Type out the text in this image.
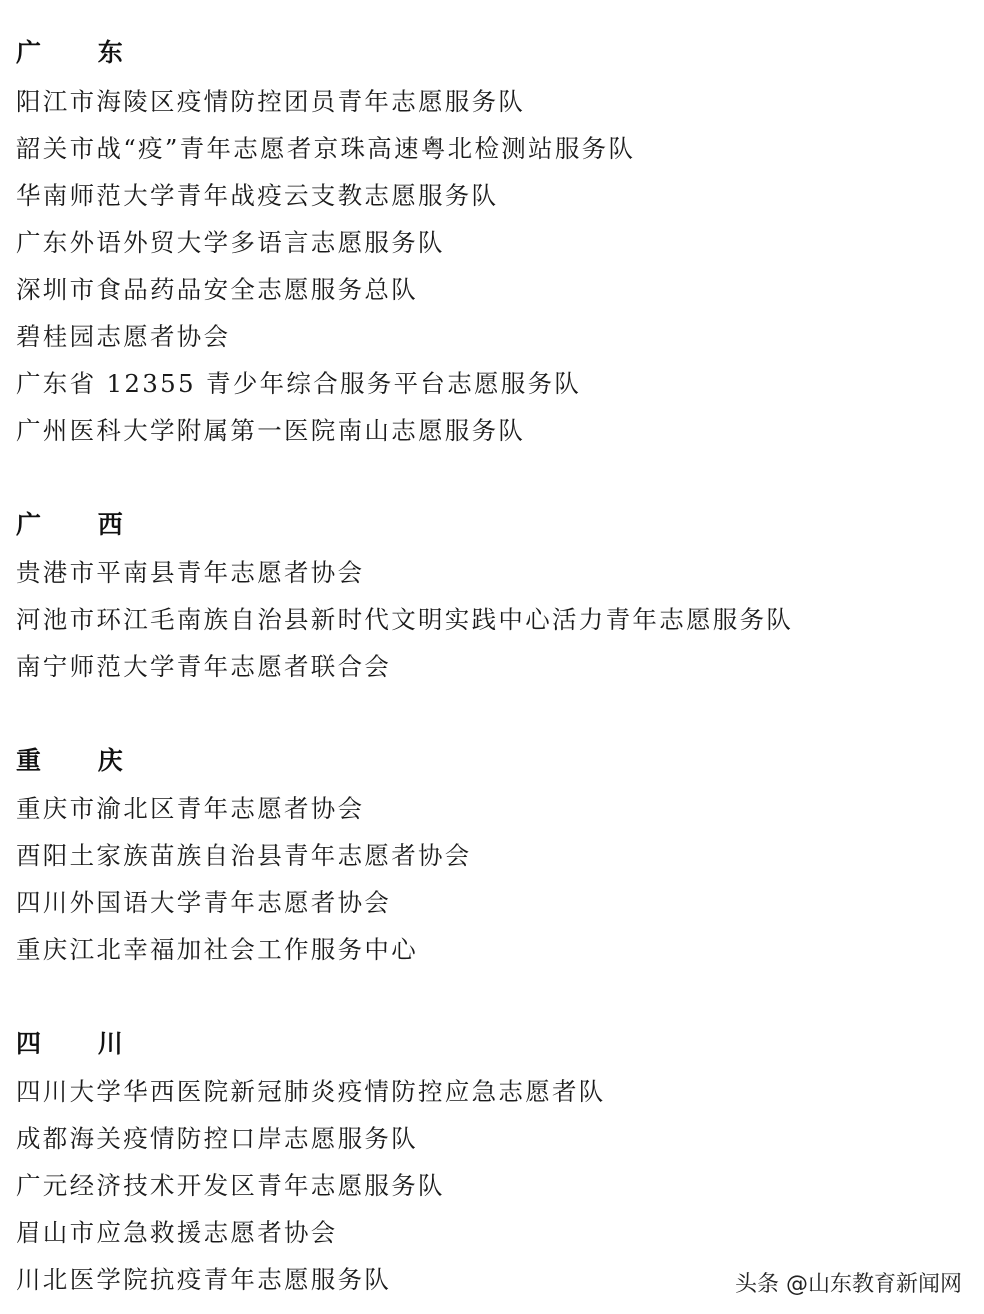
广 东
阳江市海陵区疫情防控团员青年志愿服务队
韶关市战“疫”青年志愿者京珠高速粤北检测站服务队
华南师范大学青年战疫云支教志愿服务队
广东外语外贸大学多语言志愿服务队
深圳市食品药品安全志愿服务总队
碧桂园志愿者协会
广东省 12355 青少年综合服务平台志愿服务队
广州医科大学附属第一医院南山志愿服务队
广 西
贵港市平南县青年志愿者协会
河池市环江毛南族自治县新时代文明实践中心活力青年志愿服务队
南宁师范大学青年志愿者联合会
重 庆
重庆市渝北区青年志愿者协会
酉阳土家族苗族自治县青年志愿者协会
四川外国语大学青年志愿者协会
重庆江北幸福加社会工作服务中心
四 川
四川大学华西医院新冠肺炎疫情防控应急志愿者队
成都海关疫情防控口岸志愿服务队
广元经济技术开发区青年志愿服务队
眉山市应急救援志愿者协会
川北医学院抗疫青年志愿服务队	头条 @山东教育新闻网
